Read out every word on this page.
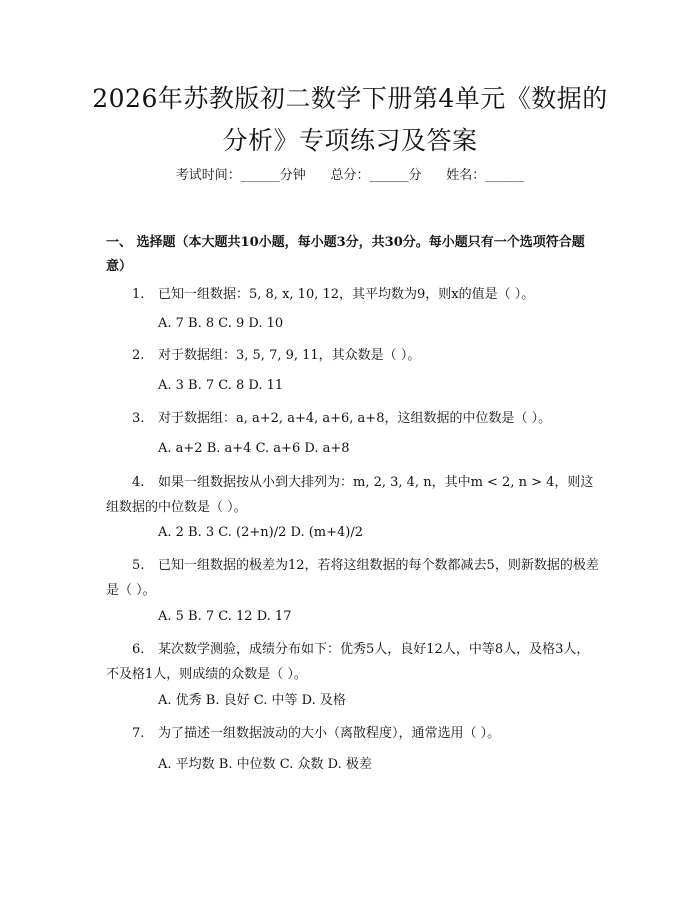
2026年苏教版初二数学下册第4单元《数据的分析》专项练习及答案
考试时间：______分钟      总分：______分      姓名：______
一、 选择题（本大题共10小题，每小题3分，共30分。每小题只有一个选项符合题意）
1. 已知一组数据：5, 8, x, 10, 12，其平均数为9，则x的值是（ ）。
A. 7 B. 8 C. 9 D. 10
2. 对于数据组：3, 5, 7, 9, 11，其众数是（ ）。
A. 3 B. 7 C. 8 D. 11
3. 对于数据组：a, a+2, a+4, a+6, a+8，这组数据的中位数是（ ）。
A. a+2 B. a+4 C. a+6 D. a+8
4. 如果一组数据按从小到大排列为：m, 2, 3, 4, n，其中m < 2, n > 4，则这组数据的中位数是（ ）。
A. 2 B. 3 C. (2+n)/2 D. (m+4)/2
5. 已知一组数据的极差为12，若将这组数据的每个数都减去5，则新数据的极差是（ ）。
A. 5 B. 7 C. 12 D. 17
6. 某次数学测验，成绩分布如下：优秀5人，良好12人，中等8人，及格3人，不及格1人，则成绩的众数是（ ）。
A. 优秀 B. 良好 C. 中等 D. 及格
7. 为了描述一组数据波动的大小（离散程度），通常选用（ ）。
A. 平均数 B. 中位数 C. 众数 D. 极差
